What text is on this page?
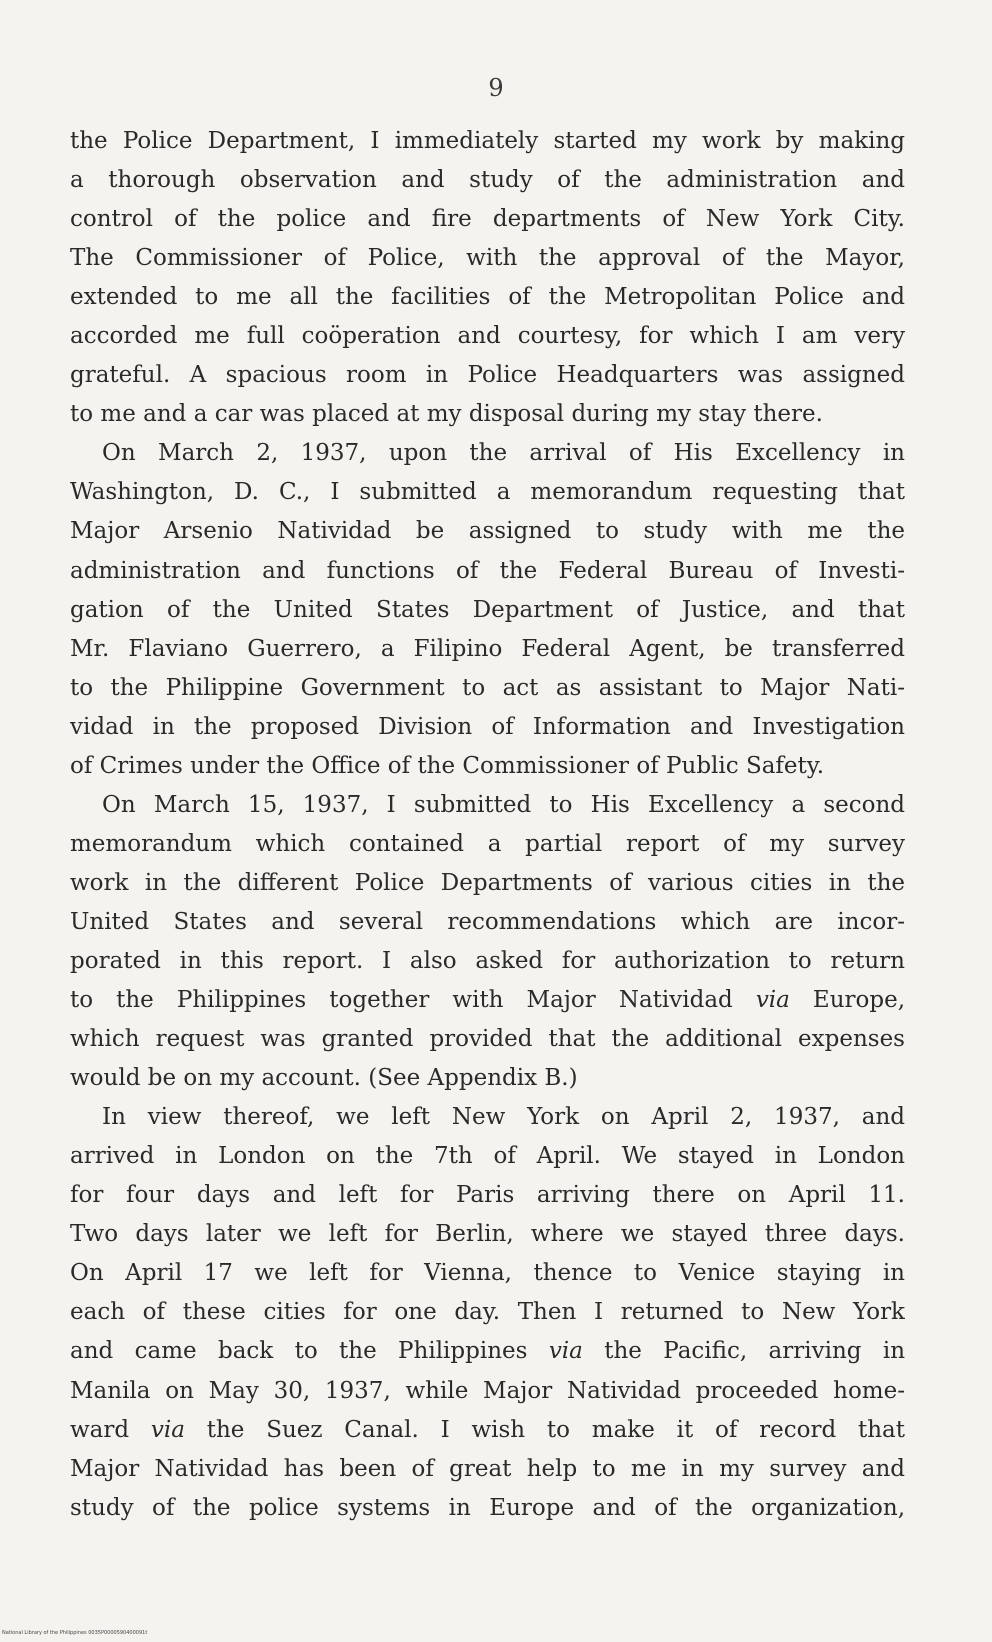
9
the Police Department, I immediately started my work by making
a thorough observation and study of the administration and
control of the police and fire departments of New York City.
The Commissioner of Police, with the approval of the Mayor,
extended to me all the facilities of the Metropolitan Police and
accorded me full coöperation and courtesy, for which I am very
grateful. A spacious room in Police Headquarters was assigned
to me and a car was placed at my disposal during my stay there.
On March 2, 1937, upon the arrival of His Excellency in
Washington, D. C., I submitted a memorandum requesting that
Major Arsenio Natividad be assigned to study with me the
administration and functions of the Federal Bureau of Investi-
gation of the United States Department of Justice, and that
Mr. Flaviano Guerrero, a Filipino Federal Agent, be transferred
to the Philippine Government to act as assistant to Major Nati-
vidad in the proposed Division of Information and Investigation
of Crimes under the Office of the Commissioner of Public Safety.
On March 15, 1937, I submitted to His Excellency a second
memorandum which contained a partial report of my survey
work in the different Police Departments of various cities in the
United States and several recommendations which are incor-
porated in this report. I also asked for authorization to return
to the Philippines together with Major Natividad via Europe,
which request was granted provided that the additional expenses
would be on my account. (See Appendix B.)
In view thereof, we left New York on April 2, 1937, and
arrived in London on the 7th of April. We stayed in London
for four days and left for Paris arriving there on April 11.
Two days later we left for Berlin, where we stayed three days.
On April 17 we left for Vienna, thence to Venice staying in
each of these cities for one day. Then I returned to New York
and came back to the Philippines via the Pacific, arriving in
Manila on May 30, 1937, while Major Natividad proceeded home-
ward via the Suez Canal. I wish to make it of record that
Major Natividad has been of great help to me in my survey and
study of the police systems in Europe and of the organization,
National Library of the Philippines 0035P0000590400091t
